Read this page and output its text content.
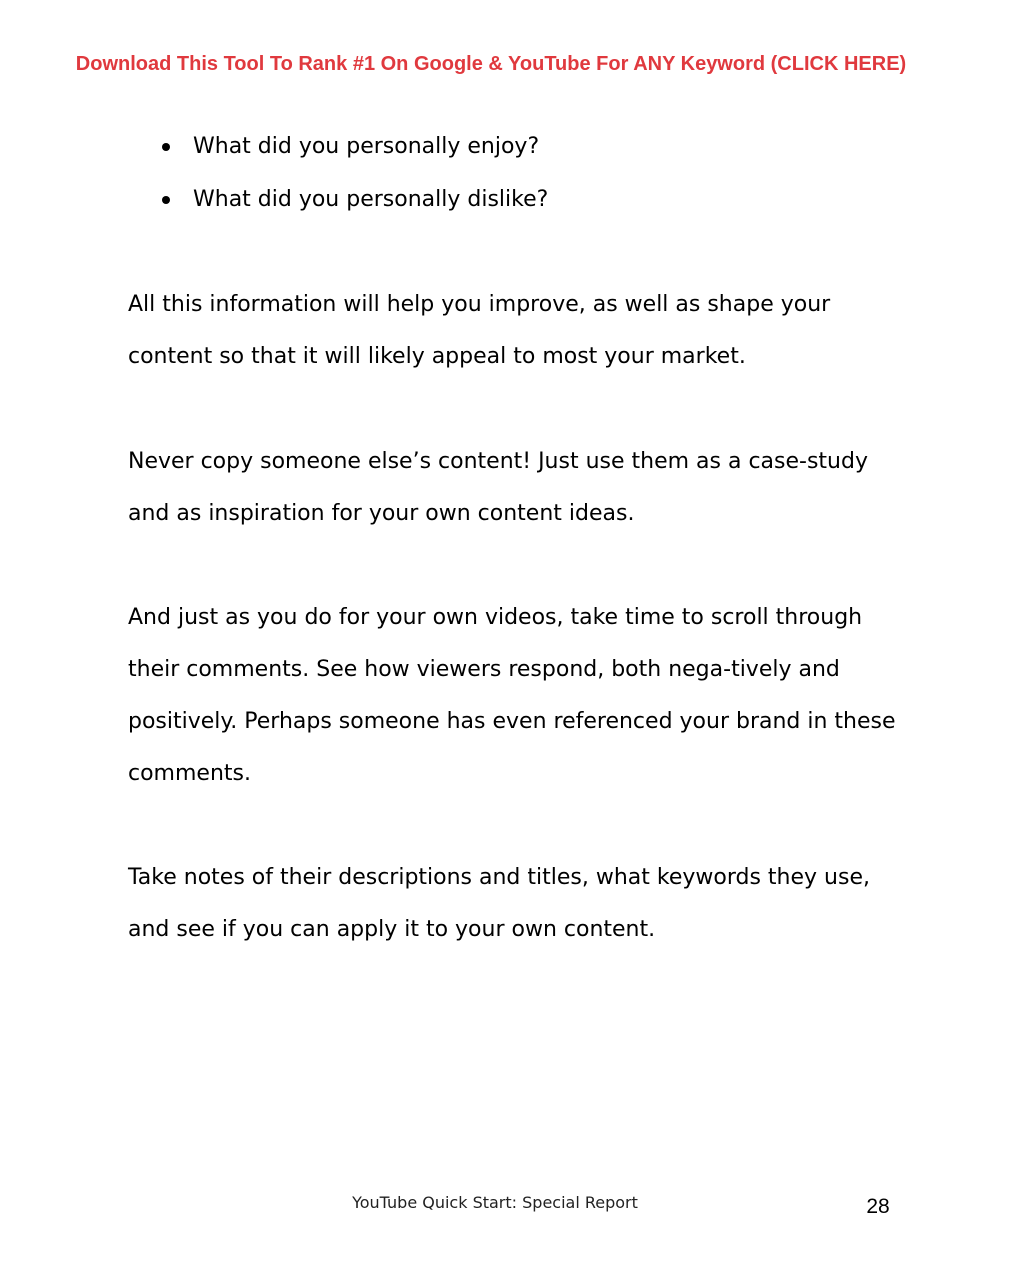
Download This Tool To Rank #1 On Google & YouTube For ANY Keyword (CLICK HERE)
What did you personally enjoy?
What did you personally dislike?

All this information will help you improve, as well as shape your content so that it will likely appeal to most your market.

Never copy someone else’s content! Just use them as a case-study and as inspiration for your own content ideas.

And just as you do for your own videos, take time to scroll through their comments. See how viewers respond, both nega-tively and positively. Perhaps someone has even referenced your brand in these comments.

Take notes of their descriptions and titles, what keywords they use, and see if you can apply it to your own content.

YouTube Quick Start: Special Report	28
